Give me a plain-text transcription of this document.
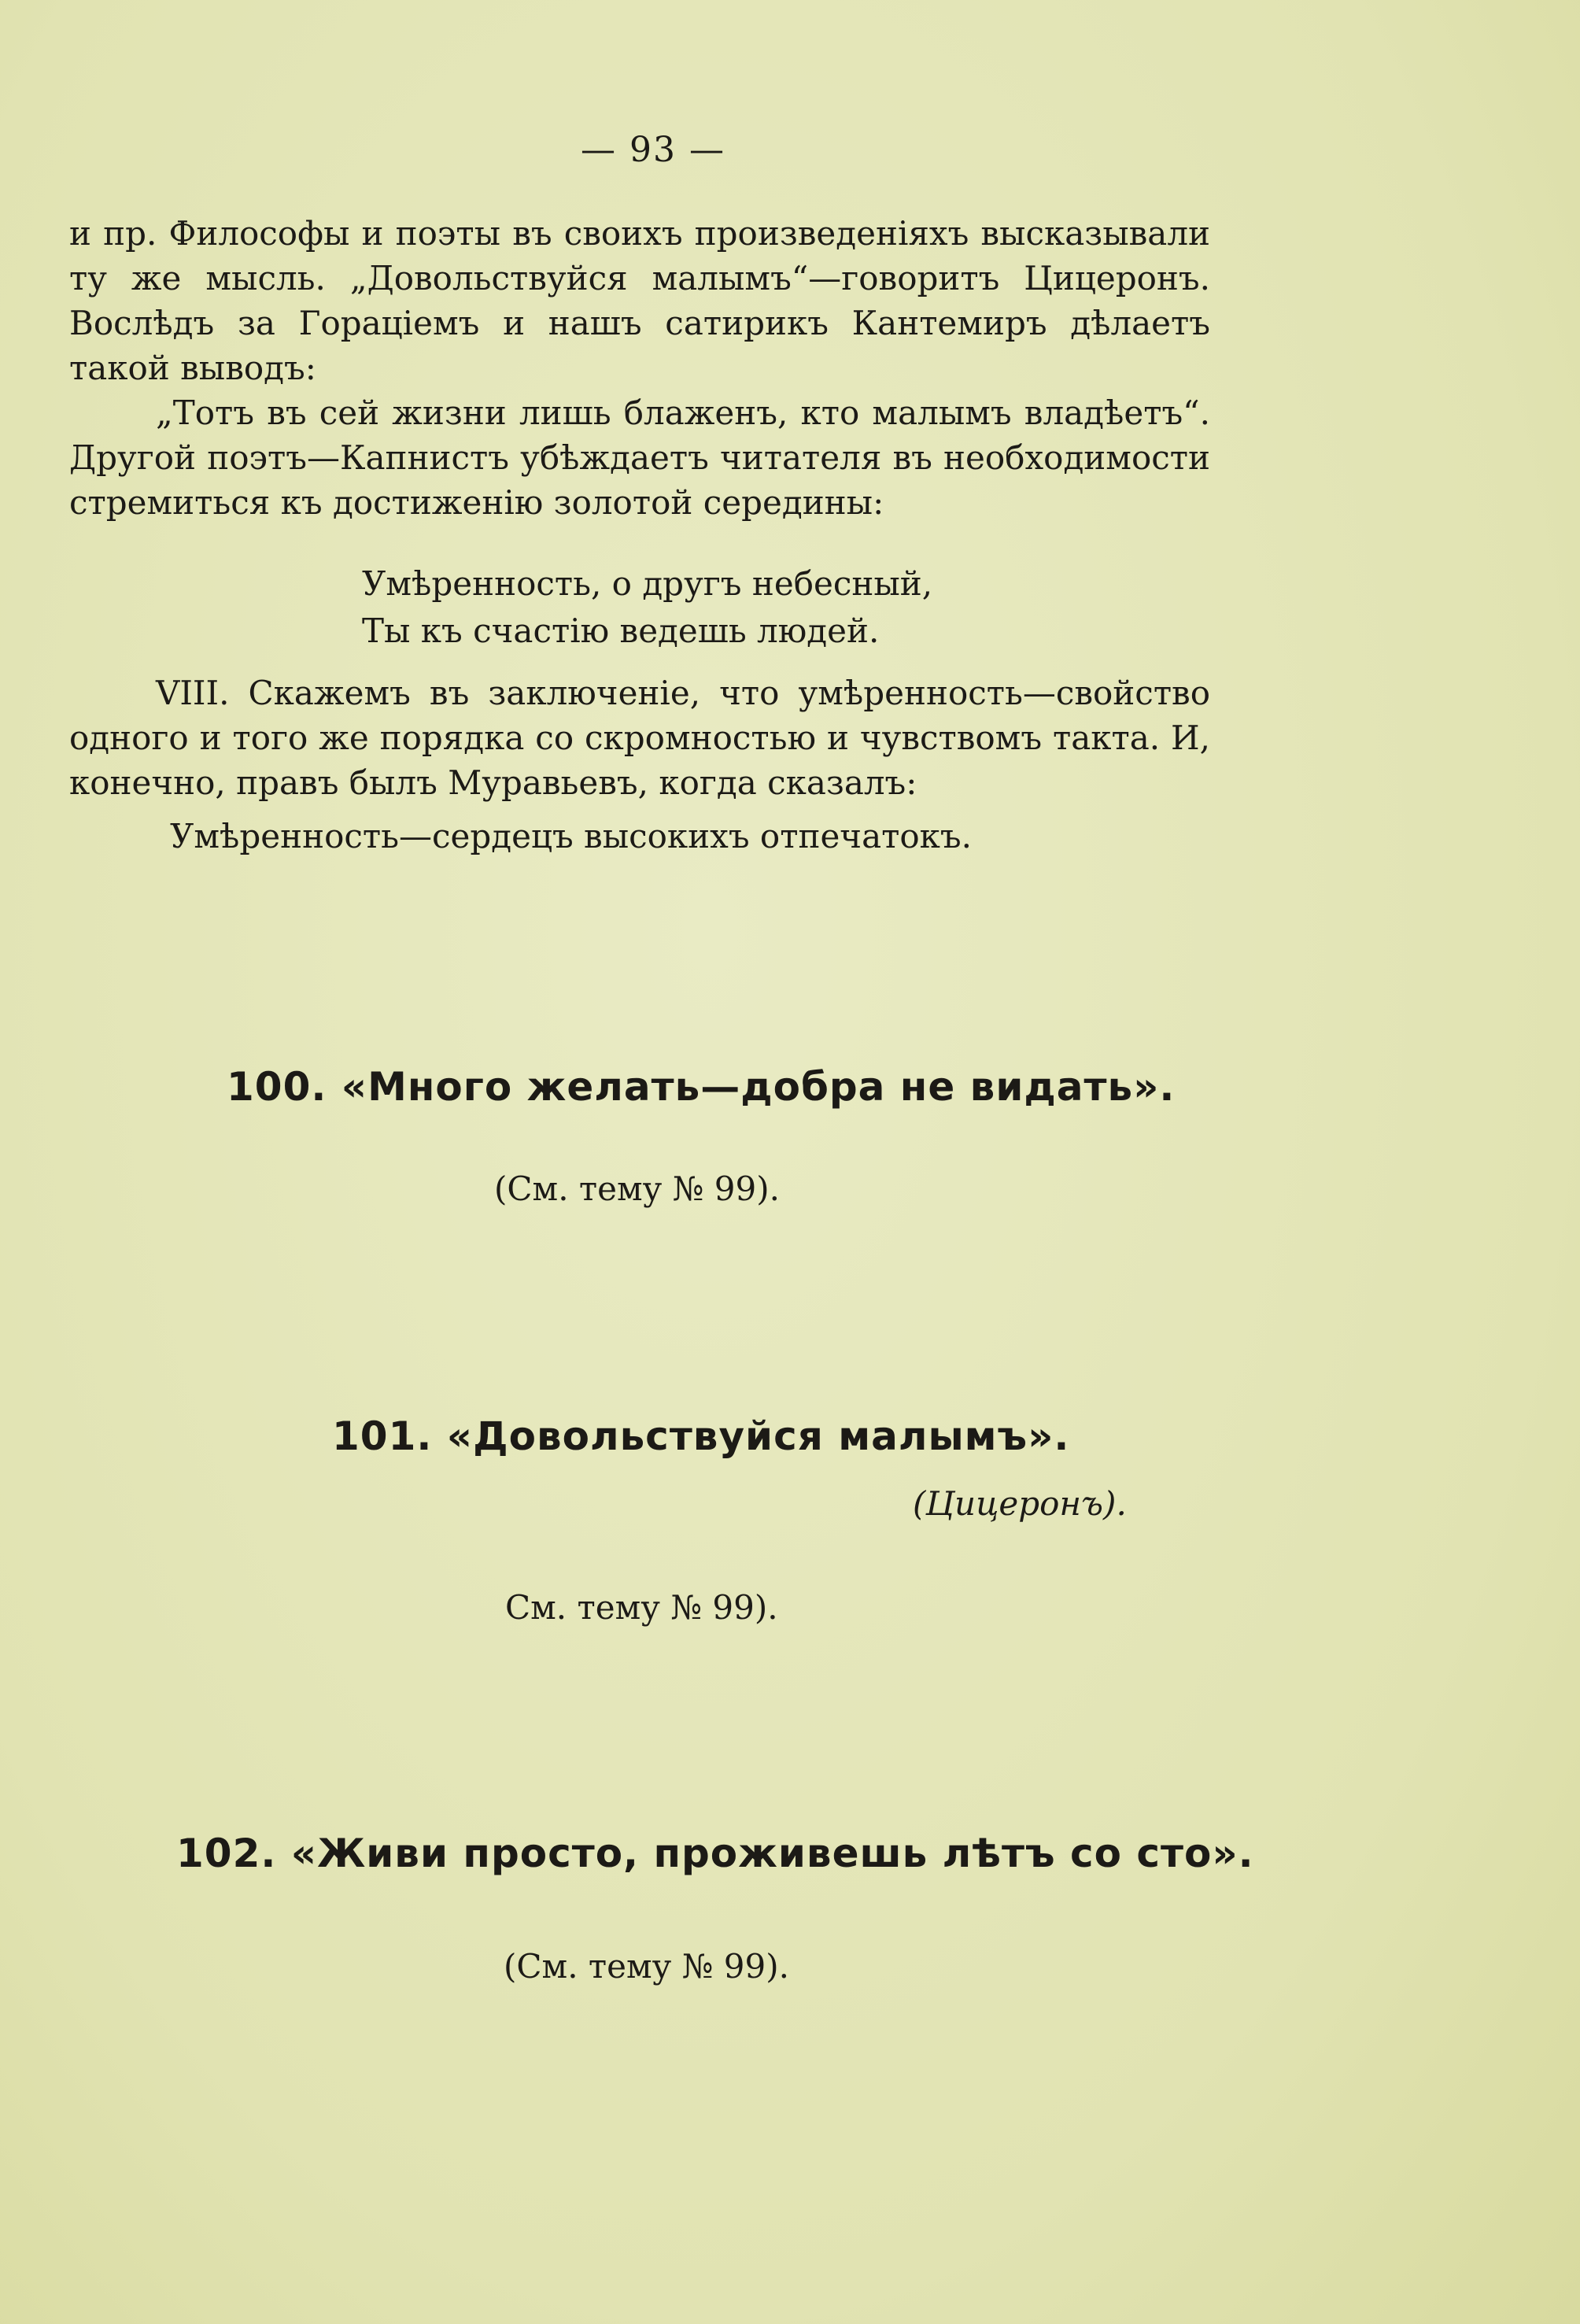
— 93 —

и пр. Философы и поэты въ своихъ произведеніяхъ высказывали ту же мысль. „Довольствуйся малымъ“—говоритъ Цицеронъ. Вослѣдъ за Гораціемъ и нашъ сатирикъ Кантемиръ дѣлаетъ такой выводъ:

„Тотъ въ сей жизни лишь блаженъ, кто малымъ владѣетъ“. Другой поэтъ—Капнистъ убѣждаетъ читателя въ необходимости стремиться къ достиженію золотой середины:

Умѣренность, о другъ небесный,
Ты къ счастію ведешь людей.

VIII. Скажемъ въ заключеніе, что умѣренность—свойство одного и того же порядка со скромностью и чувствомъ такта. И, конечно, правъ былъ Муравьевъ, когда сказалъ:

Умѣренность—сердецъ высокихъ отпечатокъ.
100. «Много желать—добра не видать».
(См. тему № 99).
101. «Довольствуйся малымъ».
(Цицеронъ).
См. тему № 99).
102. «Живи просто, проживешь лѣтъ со сто».
(См. тему № 99).
